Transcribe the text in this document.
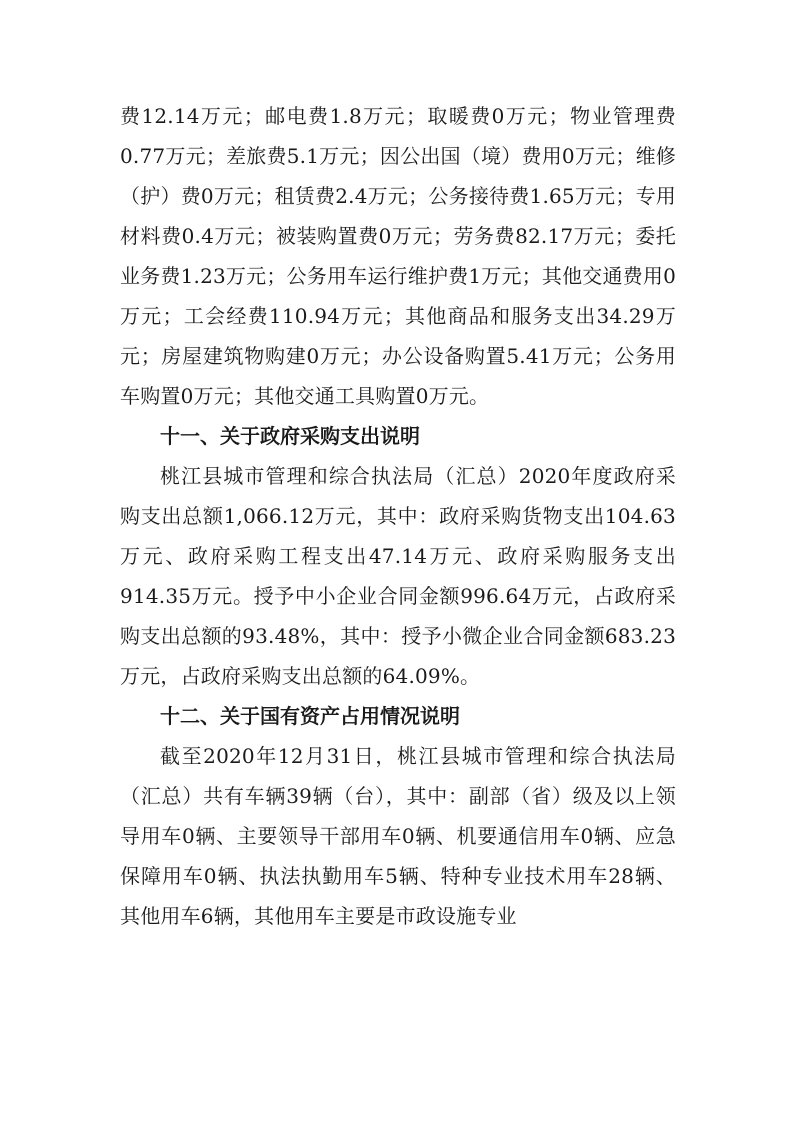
费12.14万元；邮电费1.8万元；取暖费0万元；物业管理费0.77万元；差旅费5.1万元；因公出国（境）费用0万元；维修（护）费0万元；租赁费2.4万元；公务接待费1.65万元；专用材料费0.4万元；被装购置费0万元；劳务费82.17万元；委托业务费1.23万元；公务用车运行维护费1万元；其他交通费用0万元；工会经费110.94万元；其他商品和服务支出34.29万元；房屋建筑物购建0万元；办公设备购置5.41万元；公务用车购置0万元；其他交通工具购置0万元。

十一、关于政府采购支出说明

桃江县城市管理和综合执法局（汇总）2020年度政府采购支出总额1,066.12万元，其中：政府采购货物支出104.63万元、政府采购工程支出47.14万元、政府采购服务支出914.35万元。授予中小企业合同金额996.64万元，占政府采购支出总额的93.48%，其中：授予小微企业合同金额683.23万元，占政府采购支出总额的64.09%。

十二、关于国有资产占用情况说明

截至2020年12月31日，桃江县城市管理和综合执法局（汇总）共有车辆39辆（台），其中：副部（省）级及以上领导用车0辆、主要领导干部用车0辆、机要通信用车0辆、应急保障用车0辆、执法执勤用车5辆、特种专业技术用车28辆、其他用车6辆，其他用车主要是市政设施专业
